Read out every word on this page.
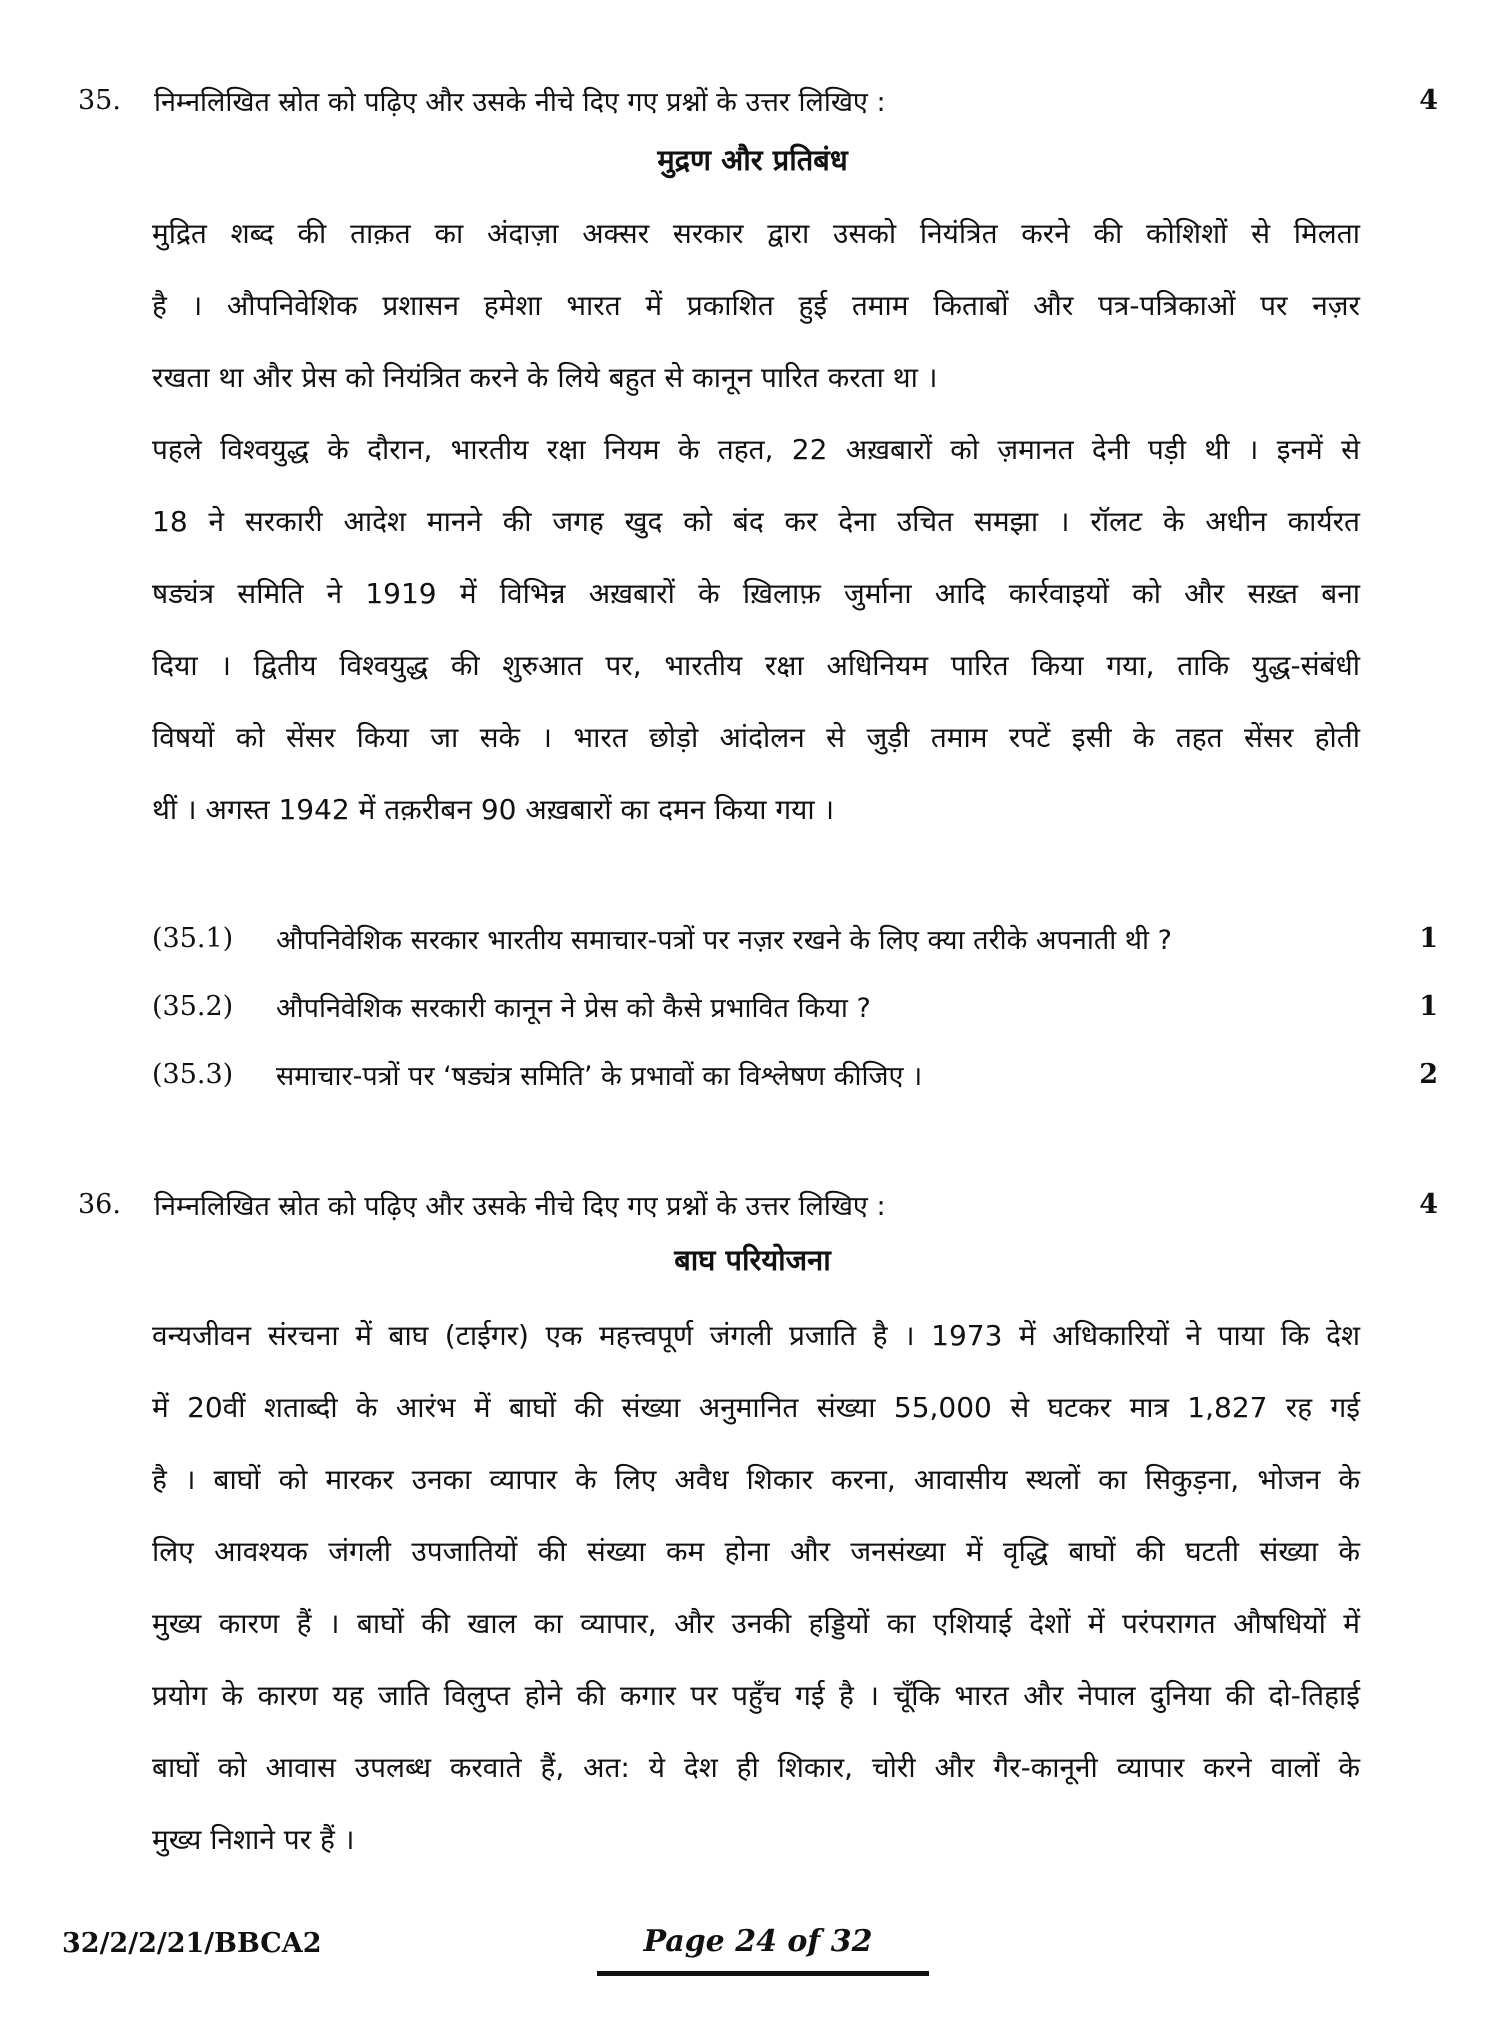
35.	निम्नलिखित स्रोत को पढ़िए और उसके नीचे दिए गए प्रश्नों के उत्तर लिखिए :	4
मुद्रण और प्रतिबंध
मुद्रित शब्द की ताक़त का अंदाज़ा अक्सर सरकार द्वारा उसको नियंत्रित करने की कोशिशों से मिलता
है । औपनिवेशिक प्रशासन हमेशा भारत में प्रकाशित हुई तमाम किताबों और पत्र-पत्रिकाओं पर नज़र
रखता था और प्रेस को नियंत्रित करने के लिये बहुत से कानून पारित करता था ।
पहले विश्वयुद्ध के दौरान, भारतीय रक्षा नियम के तहत, 22 अख़बारों को ज़मानत देनी पड़ी थी । इनमें से
18 ने सरकारी आदेश मानने की जगह खुद को बंद कर देना उचित समझा । रॉलट के अधीन कार्यरत
षड्यंत्र समिति ने 1919 में विभिन्न अख़बारों के ख़िलाफ़ जुर्माना आदि कार्रवाइयों को और सख़्त बना
दिया । द्वितीय विश्वयुद्ध की शुरुआत पर, भारतीय रक्षा अधिनियम पारित किया गया, ताकि युद्ध-संबंधी
विषयों को सेंसर किया जा सके । भारत छोड़ो आंदोलन से जुड़ी तमाम रपटें इसी के तहत सेंसर होती
थीं । अगस्त 1942 में तक़रीबन 90 अख़बारों का दमन किया गया ।
(35.1)	औपनिवेशिक सरकार भारतीय समाचार-पत्रों पर नज़र रखने के लिए क्या तरीके अपनाती थी ?	1
(35.2)	औपनिवेशिक सरकारी कानून ने प्रेस को कैसे प्रभावित किया ?	1
(35.3)	समाचार-पत्रों पर ‘षड्यंत्र समिति’ के प्रभावों का विश्लेषण कीजिए ।	2
36.	निम्नलिखित स्रोत को पढ़िए और उसके नीचे दिए गए प्रश्नों के उत्तर लिखिए :	4
बाघ परियोजना
वन्यजीवन संरचना में बाघ (टाईगर) एक महत्त्वपूर्ण जंगली प्रजाति है । 1973 में अधिकारियों ने पाया कि देश
में 20वीं शताब्दी के आरंभ में बाघों की संख्या अनुमानित संख्या 55,000 से घटकर मात्र 1,827 रह गई
है । बाघों को मारकर उनका व्यापार के लिए अवैध शिकार करना, आवासीय स्थलों का सिकुड़ना, भोजन के
लिए आवश्यक जंगली उपजातियों की संख्या कम होना और जनसंख्या में वृद्धि बाघों की घटती संख्या के
मुख्य कारण हैं । बाघों की खाल का व्यापार, और उनकी हड्डियों का एशियाई देशों में परंपरागत औषधियों में
प्रयोग के कारण यह जाति विलुप्त होने की कगार पर पहुँच गई है । चूँकि भारत और नेपाल दुनिया की दो-तिहाई
बाघों को आवास उपलब्ध करवाते हैं, अत: ये देश ही शिकार, चोरी और गैर-कानूनी व्यापार करने वालों के
मुख्य निशाने पर हैं ।
32/2/2/21/BBCA2	Page 24 of 32
